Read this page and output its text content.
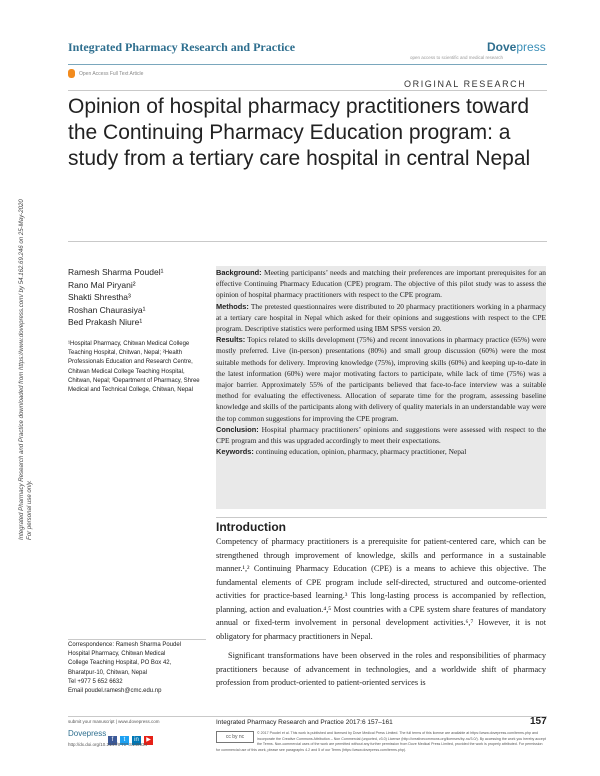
Integrated Pharmacy Research and Practice	Dovepress
open access to scientific and medical research
Open Access Full Text Article
ORIGINAL RESEARCH
Opinion of hospital pharmacy practitioners toward the Continuing Pharmacy Education program: a study from a tertiary care hospital in central Nepal
Ramesh Sharma Poudel¹
Rano Mal Piryani²
Shakti Shrestha³
Roshan Chaurasiya¹
Bed Prakash Niure¹
¹Hospital Pharmacy, Chitwan Medical College Teaching Hospital, Chitwan, Nepal; ²Health Professionals Education and Research Centre, Chitwan Medical College Teaching Hospital, Chitwan, Nepal; ³Department of Pharmacy, Shree Medical and Technical College, Chitwan, Nepal

Background: Meeting participants’ needs and matching their preferences are important prerequisites for an effective Continuing Pharmacy Education (CPE) program. The objective of this pilot study was to assess the opinion of hospital pharmacy practitioners with respect to the CPE program.

Methods: The pretested questionnaires were distributed to 20 pharmacy practitioners working in a pharmacy at a tertiary care hospital in Nepal which asked for their opinions and suggestions with respect to the CPE program. Descriptive statistics were performed using IBM SPSS version 20.

Results: Topics related to skills development (75%) and recent innovations in pharmacy practice (65%) were mostly preferred. Live (in-person) presentations (80%) and small group discussion (60%) were the most suitable methods for delivery. Improving knowledge (75%), improving skills (60%) and keeping up-to-date in the latest information (60%) were major motivating factors to participate, while lack of time (75%) was a major barrier. Approximately 55% of the participants believed that face-to-face interview was a suitable method for evaluating the effectiveness. Allocation of separate time for the program, assessing baseline knowledge and skills of the participants along with delivery of quality materials in an understandable way were the top common suggestions for improving the CPE program.

Conclusion: Hospital pharmacy practitioners’ opinions and suggestions were assessed with respect to the CPE program and this was upgraded accordingly to meet their expectations.

Keywords: continuing education, opinion, pharmacy, pharmacy practitioner, Nepal

Introduction

Competency of pharmacy practitioners is a prerequisite for patient-centered care, which can be strengthened through improvement of knowledge, skills and performance in a sustainable manner.¹,² Continuing Pharmacy Education (CPE) is a means to achieve this objective. The fundamental elements of CPE program include self-directed, structured and outcome-oriented activities for practice-based learning.³ This long-lasting process is accompanied by reflection, planning, action and evaluation.⁴,⁵ Most countries with a CPE system share features of mandatory annual or fixed-term involvement in personal development activities.⁶,⁷ However, it is not obligatory for pharmacy practitioners in Nepal.

Significant transformations have been observed in the roles and responsibilities of pharmacy practitioners because of advancement in technologies, and a worldwide shift of pharmacy profession from product-oriented to patient-oriented services is

Correspondence: Ramesh Sharma Poudel
Hospital Pharmacy, Chitwan Medical
College Teaching Hospital, PO Box 42,
Bharatpur-10, Chitwan, Nepal
Tel +977 5 652 6632
Email poudel.ramesh@cmc.edu.np
Integrated Pharmacy Research and Practice downloaded from https://www.dovepress.com/ by 54.162.69.246 on 25-May-2020 For personal use only.
submit your manuscript | www.dovepress.com
Dovepress
f t in ▶
http://dx.doi.org/10.2147/IPRP.S149934
Integrated Pharmacy Research and Practice 2017:6 157–161	157
cc by nc
© 2017 Poudel et al. This work is published and licensed by Dove Medical Press Limited. The full terms of this license are available at https://www.dovepress.com/terms.php and incorporate the Creative Commons Attribution – Non Commercial (unported, v3.0) License (http://creativecommons.org/licenses/by-nc/3.0/). By accessing the work you hereby accept the Terms. Non-commercial uses of the work are permitted without any further permission from Dove Medical Press Limited, provided the work is properly attributed. For permission for commercial use of this work, please see paragraphs 4.2 and 5 of our Terms (https://www.dovepress.com/terms.php).
